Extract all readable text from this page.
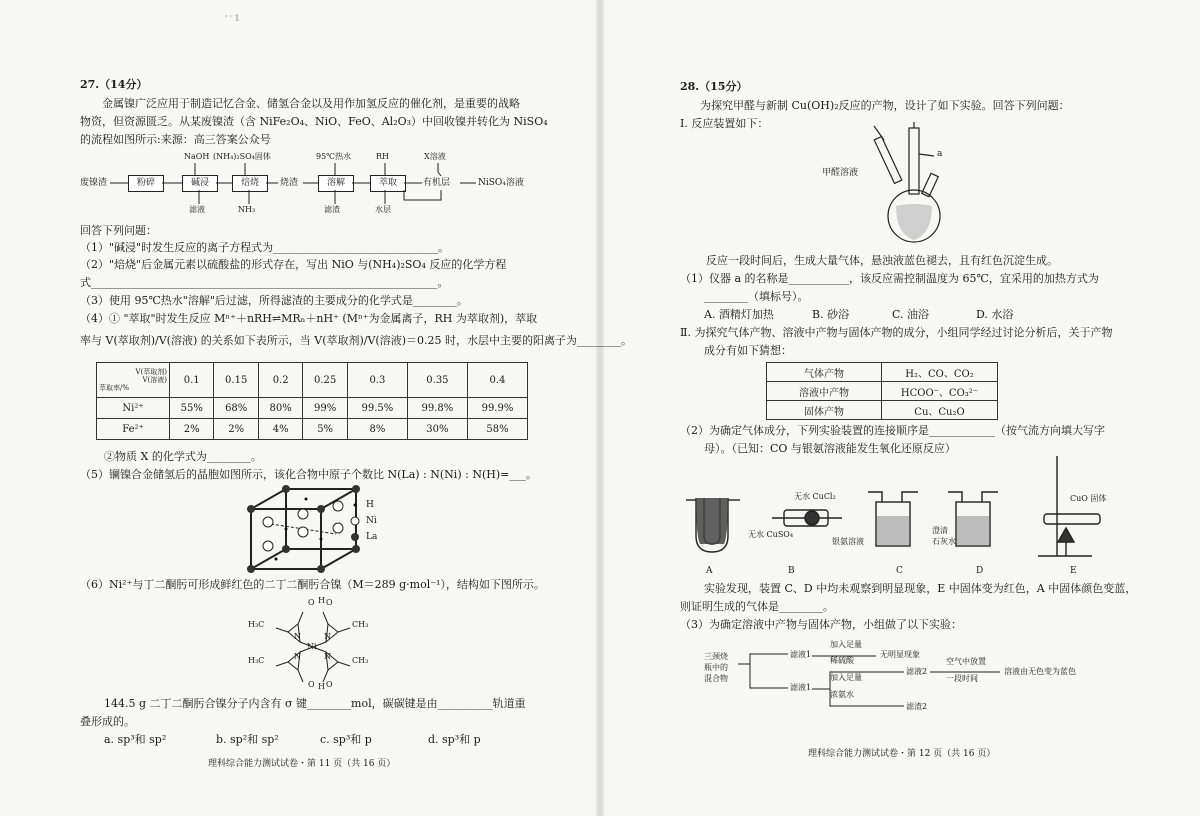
' ' 1
27.（14分）
金属镍广泛应用于制造记忆合金、储氢合金以及用作加氢反应的催化剂，是重要的战略
物资，但资源匮乏。从某废镍渣（含 NiFe₂O₄、NiO、FeO、Al₂O₃）中回收镍并转化为 NiSO₄
的流程如图所示:来源：高三答案公众号
NaOH (NH₄)₂SO₄固体	95℃热水	RH	X溶液
废镍渣	粉碎	碱浸	焙烧	烧渣	溶解	萃取	有机层	NiSO₄溶液
滤液	NH₃	滤渣	水层
回答下列问题：
（1）"碱浸"时发生反应的离子方程式为______________________________。
（2）"焙烧"后金属元素以硫酸盐的形式存在，写出 NiO 与(NH₄)₂SO₄ 反应的化学方程
式_______________________________________________________________。
（3）使用 95℃热水"溶解"后过滤，所得滤渣的主要成分的化学式是________。
（4）① "萃取"时发生反应 Mⁿ⁺＋nRH⇌MRₙ＋nH⁺ (Mⁿ⁺为金属离子，RH 为萃取剂)，萃取
率与 V(萃取剂)/V(溶液) 的关系如下表所示，当 V(萃取剂)/V(溶液)＝0.25 时，水层中主要的阳离子为________。
V(萃取剂)
V(溶液)
萃取率/%	0.1	0.15	0.2	0.25	0.3	0.35	0.4
Ni²⁺	55%	68%	80%	99%	99.5%	99.8%	99.9%
Fe²⁺	2%	2%	4%	5%	8%	30%	58%
②物质 X 的化学式为________。
（5）镧镍合金储氢后的晶胞如图所示，该化合物中原子个数比 N(La) : N(Ni) : N(H)=___。
H
Ni
La
（6）Ni²⁺与丁二酮肟可形成鲜红色的二丁二酮肟合镍（M＝289 g·mol⁻¹），结构如下图所示。
O H O
H₃C	CH₃
H₃C	CH₃
Ni
N	N
N	N
O H O
144.5 g 二丁二酮肟合镍分子内含有 σ 键________mol，碳碳键是由__________轨道重
叠形成的。
a. sp³和 sp²	b. sp²和 sp²	c. sp³和 p	d. sp³和 p
理科综合能力测试试卷・第 11 页（共 16 页）
28.（15分）
为探究甲醛与新制 Cu(OH)₂反应的产物，设计了如下实验。回答下列问题：
Ⅰ. 反应装置如下：
a
甲醛溶液
反应一段时间后，生成大量气体，悬浊液蓝色褪去，且有红色沉淀生成。
（1）仪器 a 的名称是___________，该反应需控制温度为 65℃，宜采用的加热方式为
________（填标号）。
A. 酒精灯加热	B. 砂浴	C. 油浴	D. 水浴
Ⅱ. 为探究气体产物、溶液中产物与固体产物的成分，小组同学经过讨论分析后，关于产物
成分有如下猜想：
气体产物	H₂、CO、CO₂
溶液中产物	HCOO⁻、CO₃²⁻
固体产物	Cu、Cu₂O
（2）为确定气体成分，下列实验装置的连接顺序是____________（按气流方向填大写字
母）。（已知：CO 与银氨溶液能发生氧化还原反应）
无水 CuCl₂
无水 CuSO₄
银氨溶液
澄清
石灰水
CuO 固体
A	B	C	D	E
实验发现，装置 C、D 中均未观察到明显现象，E 中固体变为红色，A 中固体颜色变蓝，
则证明生成的气体是________。
（3）为确定溶液中产物与固体产物，小组做了以下实验：
三颈烧
瓶中的
混合物
滤液1
加入足量
稀硫酸
无明显现象
滤液1
加入足量
浓氨水
滤液2
空气中放置
一段时间
溶液由无色变为蓝色
滤渣2
理科综合能力测试试卷・第 12 页（共 16 页）
